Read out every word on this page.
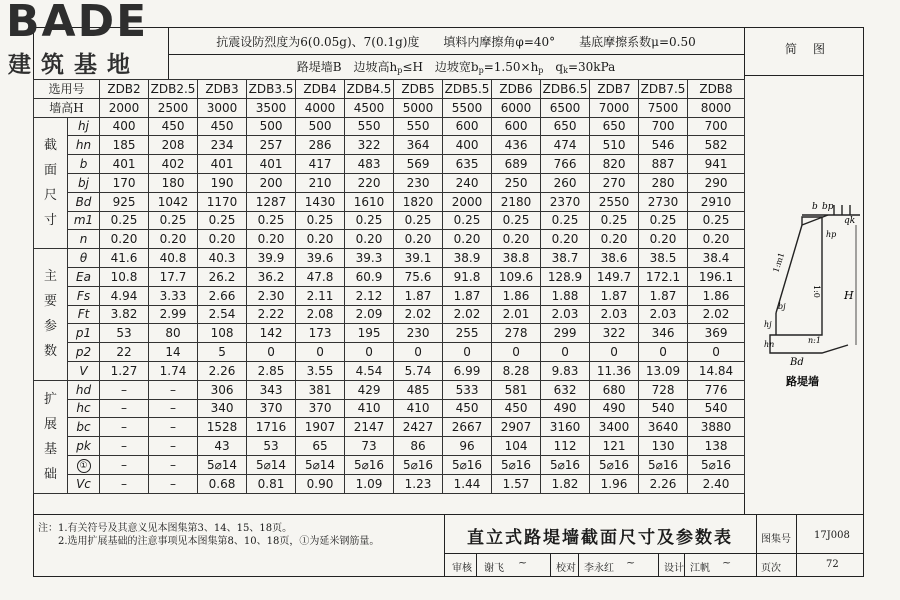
BADE
建筑基地
抗震设防烈度为6(0.05g)、7(0.1g)度　　填料内摩擦角φ=40°　　基底摩擦系数μ=0.50
路堤墙B　边坡高$h_p\le H$　边坡宽$b_p=1.50\times h_p$　$q_k=30kPa$
选用号		ZDB2	ZDB2.5	ZDB3	ZDB3.5	ZDB4	ZDB4.5	ZDB5	ZDB5.5	ZDB6	ZDB6.5	ZDB7	ZDB7.5	ZDB8
墙高H		2000	2500	3000	3500	4000	4500	5000	5500	6000	6500	7000	7500	8000
截面尺寸	hj	400	450	450	500	500	550	550	600	600	650	650	700	700
	hn	185	208	234	257	286	322	364	400	436	474	510	546	582
	b	401	402	401	401	417	483	569	635	689	766	820	887	941
	bj	170	180	190	200	210	220	230	240	250	260	270	280	290
	Bd	925	1042	1170	1287	1430	1610	1820	2000	2180	2370	2550	2730	2910
	m1	0.25	0.25	0.25	0.25	0.25	0.25	0.25	0.25	0.25	0.25	0.25	0.25	0.25
	n	0.20	0.20	0.20	0.20	0.20	0.20	0.20	0.20	0.20	0.20	0.20	0.20	0.20
主要参数	θ	41.6	40.8	40.3	39.9	39.6	39.3	39.1	38.9	38.8	38.7	38.6	38.5	38.4
	Ea	10.8	17.7	26.2	36.2	47.8	60.9	75.6	91.8	109.6	128.9	149.7	172.1	196.1
	Fs	4.94	3.33	2.66	2.30	2.11	2.12	1.87	1.87	1.86	1.88	1.87	1.87	1.86
	Ft	3.82	2.99	2.54	2.22	2.08	2.09	2.02	2.02	2.01	2.03	2.03	2.03	2.02
	p1	53	80	108	142	173	195	230	255	278	299	322	346	369
	p2	22	14	5	0	0	0	0	0	0	0	0	0	0
	V	1.27	1.74	2.26	2.85	3.55	4.54	5.74	6.99	8.28	9.83	11.36	13.09	14.84
扩展基础	hd	–	–	306	343	381	429	485	533	581	632	680	728	776
	hc	–	–	340	370	370	410	410	450	450	490	490	540	540
	bc	–	–	1528	1716	1907	2147	2427	2667	2907	3160	3400	3640	3880
	pk	–	–	43	53	65	73	86	96	104	112	121	130	138
	①	–	–	5⌀14	5⌀14	5⌀14	5⌀16	5⌀16	5⌀16	5⌀16	5⌀16	5⌀16	5⌀16	5⌀16
	Vc	–	–	0.68	0.81	0.90	1.09	1.23	1.44	1.57	1.82	1.96	2.26	2.40
简图
b bp
qk
hp
1:m1
1:0 H
bj
hj
hn	n:1
Bd
路堤墙
注：1.有关符号及其意义见本图集第3、14、15、18页。
　　2.选用扩展基础的注意事项见本图集第8、10、18页，①为延米钢筋量。	直立式路堤墙截面尺寸及参数表	图集号 17J008
审核 谢飞 ~	校对 李永红 ~	设计 江帆 ~	页次	72
